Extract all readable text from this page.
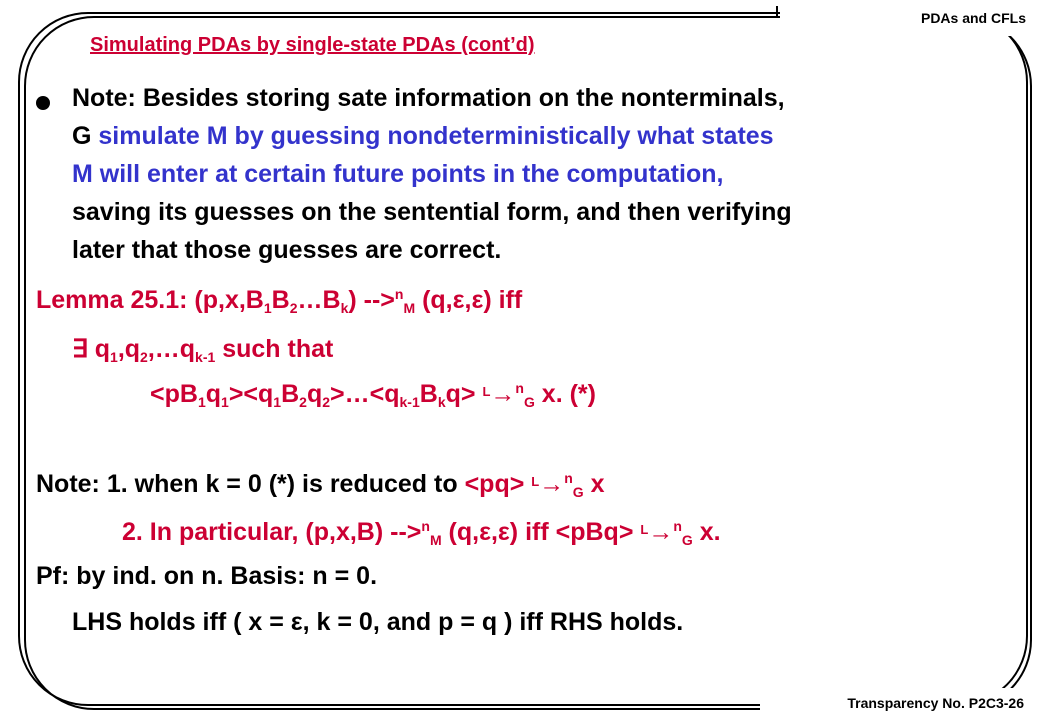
PDAs and CFLs
Transparency No. P2C3-26
Simulating PDAs by single-state PDAs (cont’d)
Note: Besides storing sate information on the nonterminals,
G simulate M by guessing nondeterministically what states
M will enter at certain future points in the computation,
saving its guesses on the sentential form, and then verifying
later that those guesses are correct.
Lemma 25.1: $(p,x,B_1B_2\dots B_k)$ -->$^n_M$ (q,ε,ε) iff
∃ $q_1,q_2,\dots q_{k-1}$ such that
$<pB_1q_1><q_1B_2q_2>\dots<q_{k-1}B_kq> ^L\to^n_G$ x. (*)
Note: 1. when k = 0 (*) is reduced to <pq> $^L$→$^n_G$ x
2. In particular, (p,x,B) -->$^n_M$ (q,ε,ε) iff <pBq> $^L$→$^n_G$ x.
Pf: by ind. on n. Basis: n = 0.
LHS holds iff ( x = ε, k = 0, and p = q ) iff RHS holds.
